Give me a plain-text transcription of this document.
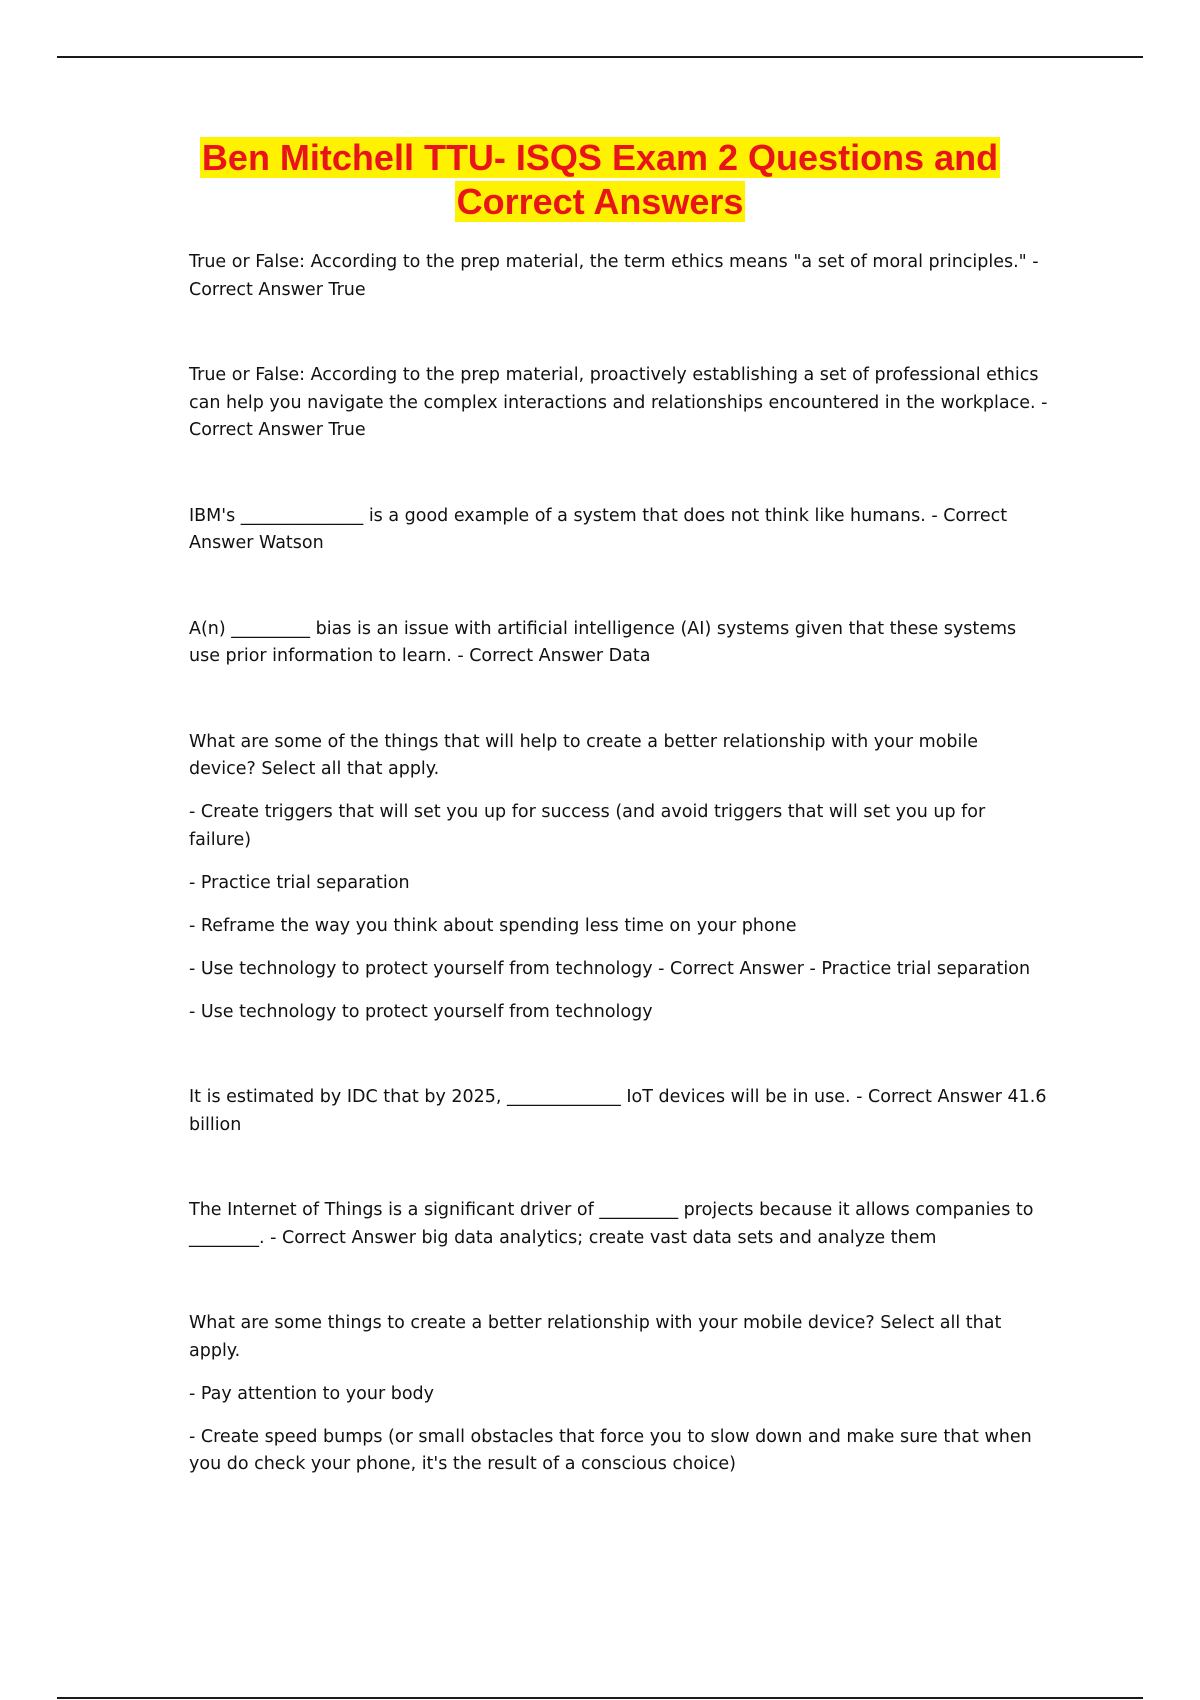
Ben Mitchell TTU- ISQS Exam 2 Questions and Correct Answers

True or False: According to the prep material, the term ethics means "a set of moral principles." - Correct Answer True

True or False: According to the prep material, proactively establishing a set of professional ethics can help you navigate the complex interactions and relationships encountered in the workplace. - Correct Answer True

IBM's ______________ is a good example of a system that does not think like humans. - Correct Answer Watson

A(n) _________ bias is an issue with artificial intelligence (AI) systems given that these systems use prior information to learn. - Correct Answer Data

What are some of the things that will help to create a better relationship with your mobile device? Select all that apply.

- Create triggers that will set you up for success (and avoid triggers that will set you up for failure)

- Practice trial separation

- Reframe the way you think about spending less time on your phone

- Use technology to protect yourself from technology - Correct Answer - Practice trial separation

- Use technology to protect yourself from technology

It is estimated by IDC that by 2025, _____________ IoT devices will be in use. - Correct Answer 41.6 billion

The Internet of Things is a significant driver of _________ projects because it allows companies to ________. - Correct Answer big data analytics; create vast data sets and analyze them

What are some things to create a better relationship with your mobile device? Select all that apply.

- Pay attention to your body

- Create speed bumps (or small obstacles that force you to slow down and make sure that when you do check your phone, it's the result of a conscious choice)
